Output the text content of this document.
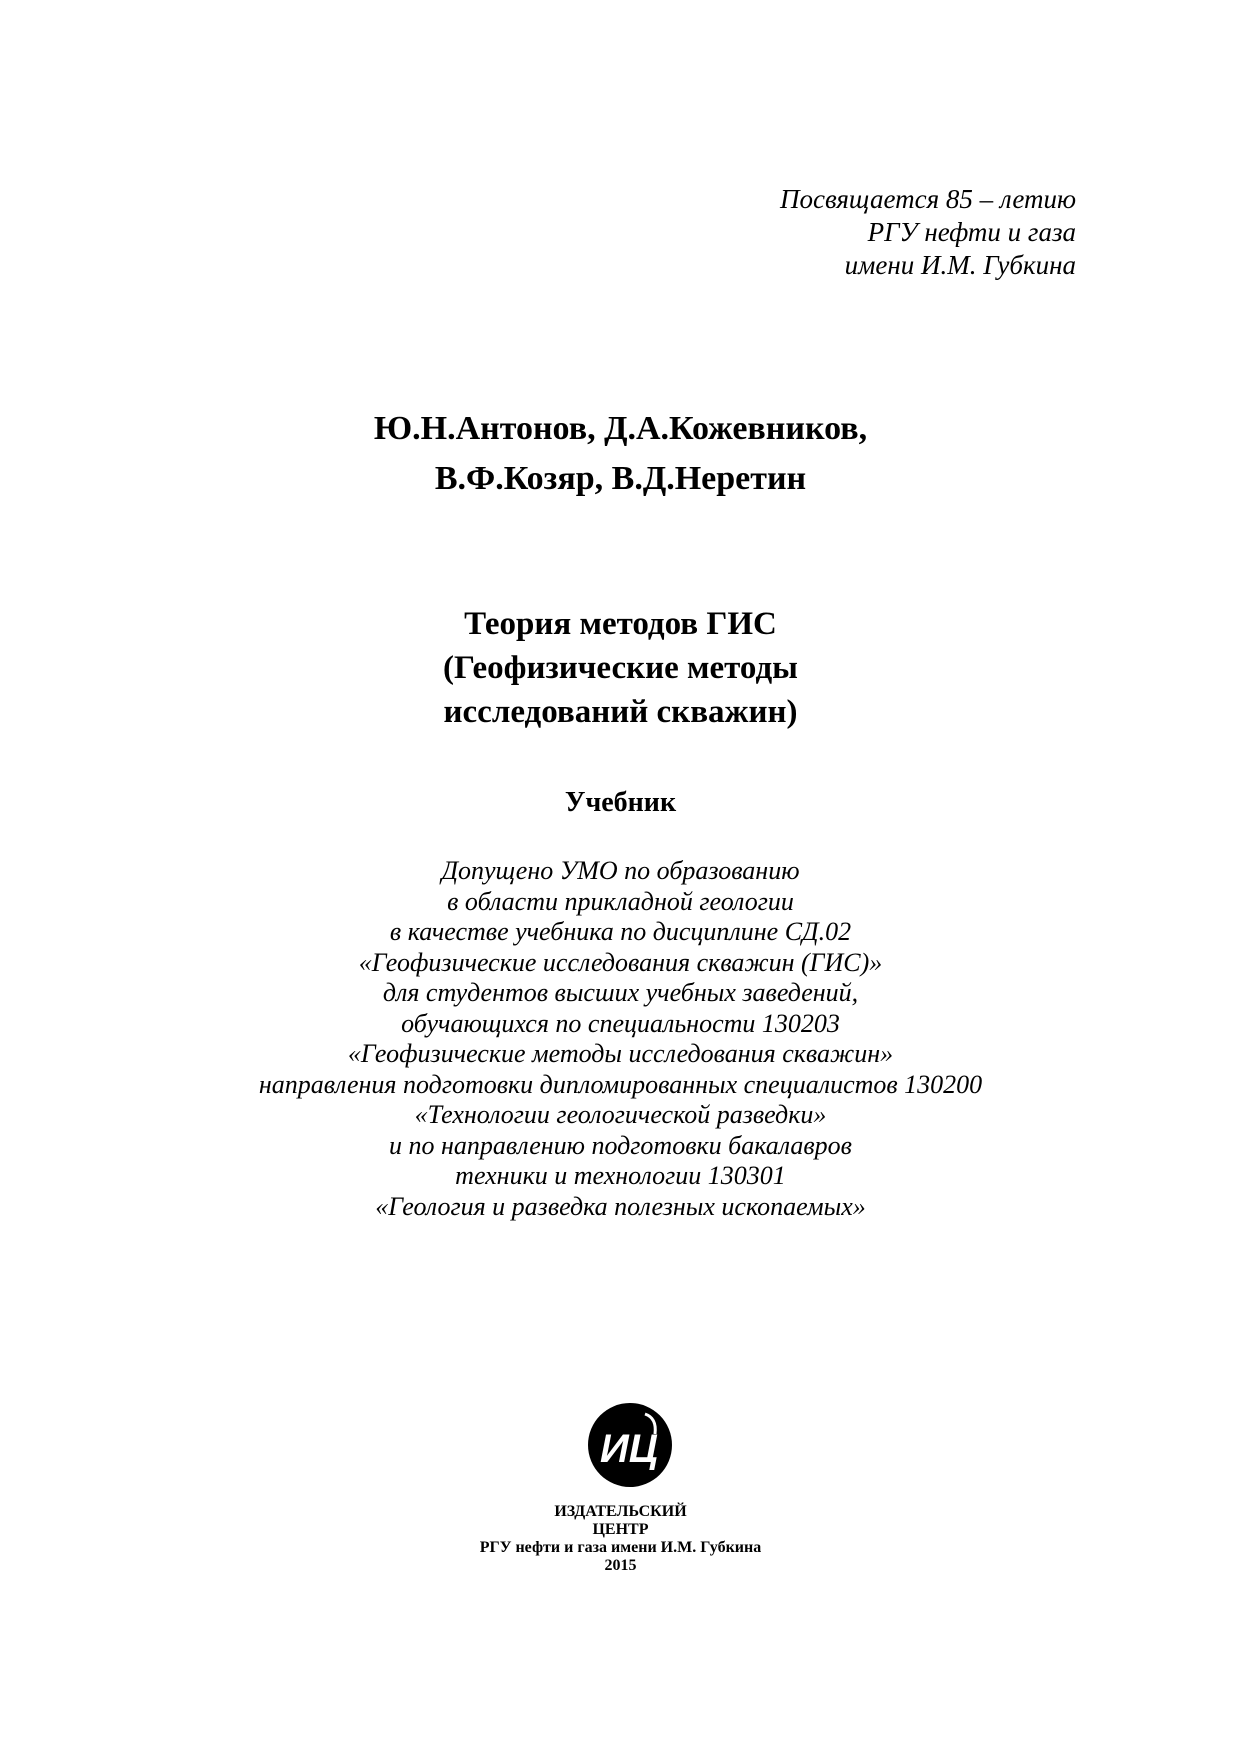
Посвящается 85 – летию
РГУ нефти и газа
имени И.М. Губкина
Ю.Н.Антонов, Д.А.Кожевников,
В.Ф.Козяр, В.Д.Неретин
Теория методов ГИС
(Геофизические методы
исследований скважин)
Учебник
Допущено УМО по образованию
в области прикладной геологии
в качестве учебника по дисциплине СД.02
«Геофизические исследования скважин (ГИС)»
для студентов высших учебных заведений,
обучающихся по специальности 130203
«Геофизические методы исследования скважин»
направления подготовки дипломированных специалистов 130200
«Технологии геологической разведки»
и по направлению подготовки бакалавров
техники и технологии 130301
«Геология и разведка полезных ископаемых»
ИЦ
ИЗДАТЕЛЬСКИЙ
ЦЕНТР
РГУ нефти и газа имени И.М. Губкина
2015
